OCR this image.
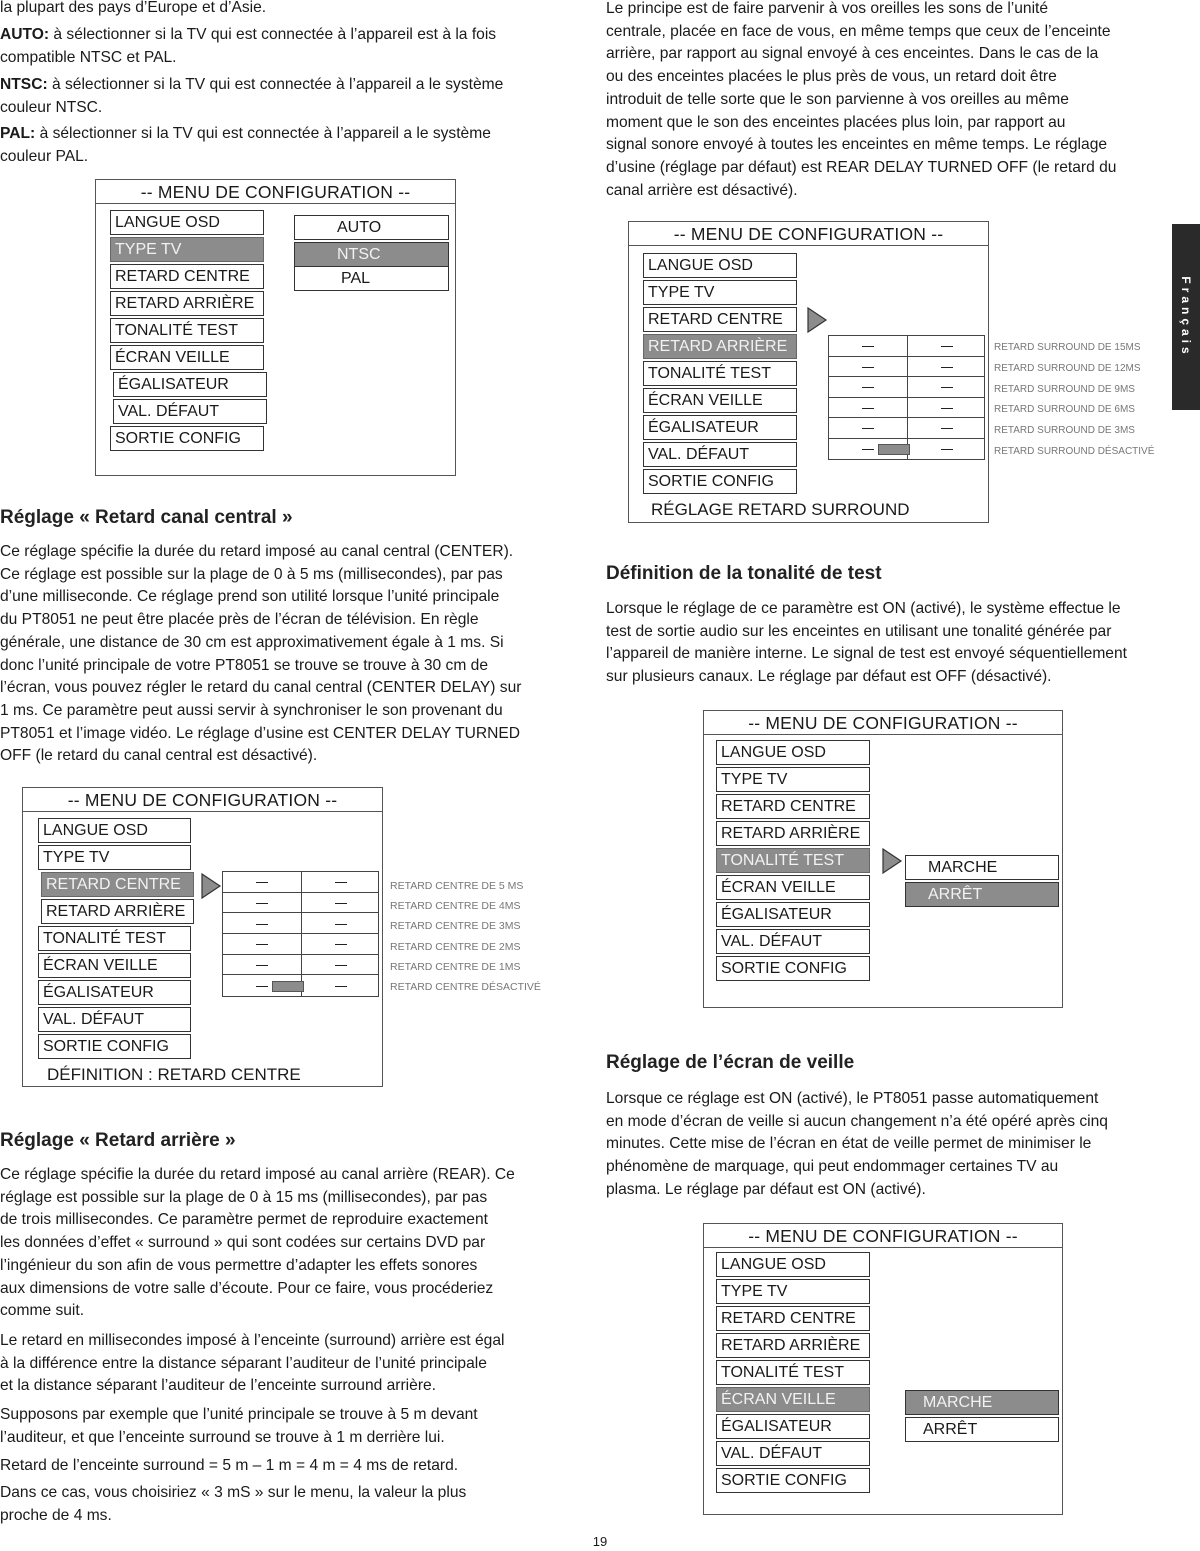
la plupart des pays d’Europe et d’Asie.

AUTO: à sélectionner si la TV qui est connectée à l’appareil est à la fois
compatible NTSC et PAL.

NTSC: à sélectionner si la TV qui est connectée à l’appareil a le système
couleur NTSC.

PAL: à sélectionner si la TV qui est connectée à l’appareil a le système
couleur PAL.

-- MENU DE CONFIGURATION --
LANGUE OSD
TYPE TV
RETARD CENTRE
RETARD ARRIÈRE
TONALITÉ TEST
ÉCRAN VEILLE
ÉGALISATEUR
VAL. DÉFAUT
SORTIE CONFIG
AUTO
NTSC
PAL
Réglage « Retard canal central »

Ce réglage spécifie la durée du retard imposé au canal central (CENTER).
Ce réglage est possible sur la plage de 0 à 5 ms (millisecondes), par pas
d’une milliseconde. Ce réglage prend son utilité lorsque l’unité principale
du PT8051 ne peut être placée près de l’écran de télévision. En règle
générale, une distance de 30 cm est approximativement égale à 1 ms. Si
donc l’unité principale de votre PT8051 se trouve se trouve à 30 cm de
l’écran, vous pouvez régler le retard du canal central (CENTER DELAY) sur
1 ms. Ce paramètre peut aussi servir à synchroniser le son provenant du
PT8051 et l’image vidéo. Le réglage d’usine est CENTER DELAY TURNED
OFF (le retard du canal central est désactivé).

-- MENU DE CONFIGURATION --
LANGUE OSD
TYPE TV
RETARD CENTRE
RETARD ARRIÈRE
TONALITÉ TEST
ÉCRAN VEILLE
ÉGALISATEUR
VAL. DÉFAUT
SORTIE CONFIG
RETARD CENTRE DE 5 MS
RETARD CENTRE DE 4MS
RETARD CENTRE DE 3MS
RETARD CENTRE DE 2MS
RETARD CENTRE DE 1MS
RETARD CENTRE DÉSACTIVÉ
DÉFINITION : RETARD CENTRE
Réglage « Retard arrière »

Ce réglage spécifie la durée du retard imposé au canal arrière (REAR). Ce
réglage est possible sur la plage de 0 à 15 ms (millisecondes), par pas
de trois millisecondes. Ce paramètre permet de reproduire exactement
les données d’effet « surround » qui sont codées sur certains DVD par
l’ingénieur du son afin de vous permettre d’adapter les effets sonores
aux dimensions de votre salle d’écoute. Pour ce faire, vous procéderiez
comme suit.

Le retard en millisecondes imposé à l’enceinte (surround) arrière est égal
à la différence entre la distance séparant l’auditeur de l’unité principale
et la distance séparant l’auditeur de l’enceinte surround arrière.

Supposons par exemple que l’unité principale se trouve à 5 m devant
l’auditeur, et que l’enceinte surround se trouve à 1 m derrière lui.

Retard de l’enceinte surround = 5 m – 1 m = 4 m = 4 ms de retard.

Dans ce cas, vous choisiriez « 3 mS » sur le menu, la valeur la plus
proche de 4 ms.

Le principe est de faire parvenir à vos oreilles les sons de l’unité
centrale, placée en face de vous, en même temps que ceux de l’enceinte
arrière, par rapport au signal envoyé à ces enceintes. Dans le cas de la
ou des enceintes placées le plus près de vous, un retard doit être
introduit de telle sorte que le son parvienne à vos oreilles au même
moment que le son des enceintes placées plus loin, par rapport au
signal sonore envoyé à toutes les enceintes en même temps. Le réglage
d’usine (réglage par défaut) est REAR DELAY TURNED OFF (le retard du
canal arrière est désactivé).

-- MENU DE CONFIGURATION --
LANGUE OSD
TYPE TV
RETARD CENTRE
RETARD ARRIÈRE
TONALITÉ TEST
ÉCRAN VEILLE
ÉGALISATEUR
VAL. DÉFAUT
SORTIE CONFIG
RETARD SURROUND DE 15MS
RETARD SURROUND DE 12MS
RETARD SURROUND DE 9MS
RETARD SURROUND DE 6MS
RETARD SURROUND DE 3MS
RETARD SURROUND DÉSACTIVÉ
RÉGLAGE RETARD SURROUND
Définition de la tonalité de test

Lorsque le réglage de ce paramètre est ON (activé), le système effectue le
test de sortie audio sur les enceintes en utilisant une tonalité générée par
l’appareil de manière interne. Le signal de test est envoyé séquentiellement
sur plusieurs canaux. Le réglage par défaut est OFF (désactivé).

-- MENU DE CONFIGURATION --
LANGUE OSD
TYPE TV
RETARD CENTRE
RETARD ARRIÈRE
TONALITÉ TEST
ÉCRAN VEILLE
ÉGALISATEUR
VAL. DÉFAUT
SORTIE CONFIG
MARCHE
ARRÊT
Réglage de l’écran de veille

Lorsque ce réglage est ON (activé), le PT8051 passe automatiquement
en mode d’écran de veille si aucun changement n’a été opéré après cinq
minutes. Cette mise de l’écran en état de veille permet de minimiser le
phénomène de marquage, qui peut endommager certaines TV au
plasma. Le réglage par défaut est ON (activé).

-- MENU DE CONFIGURATION --
LANGUE OSD
TYPE TV
RETARD CENTRE
RETARD ARRIÈRE
TONALITÉ TEST
ÉCRAN VEILLE
ÉGALISATEUR
VAL. DÉFAUT
SORTIE CONFIG
MARCHE
ARRÊT
Français
19
